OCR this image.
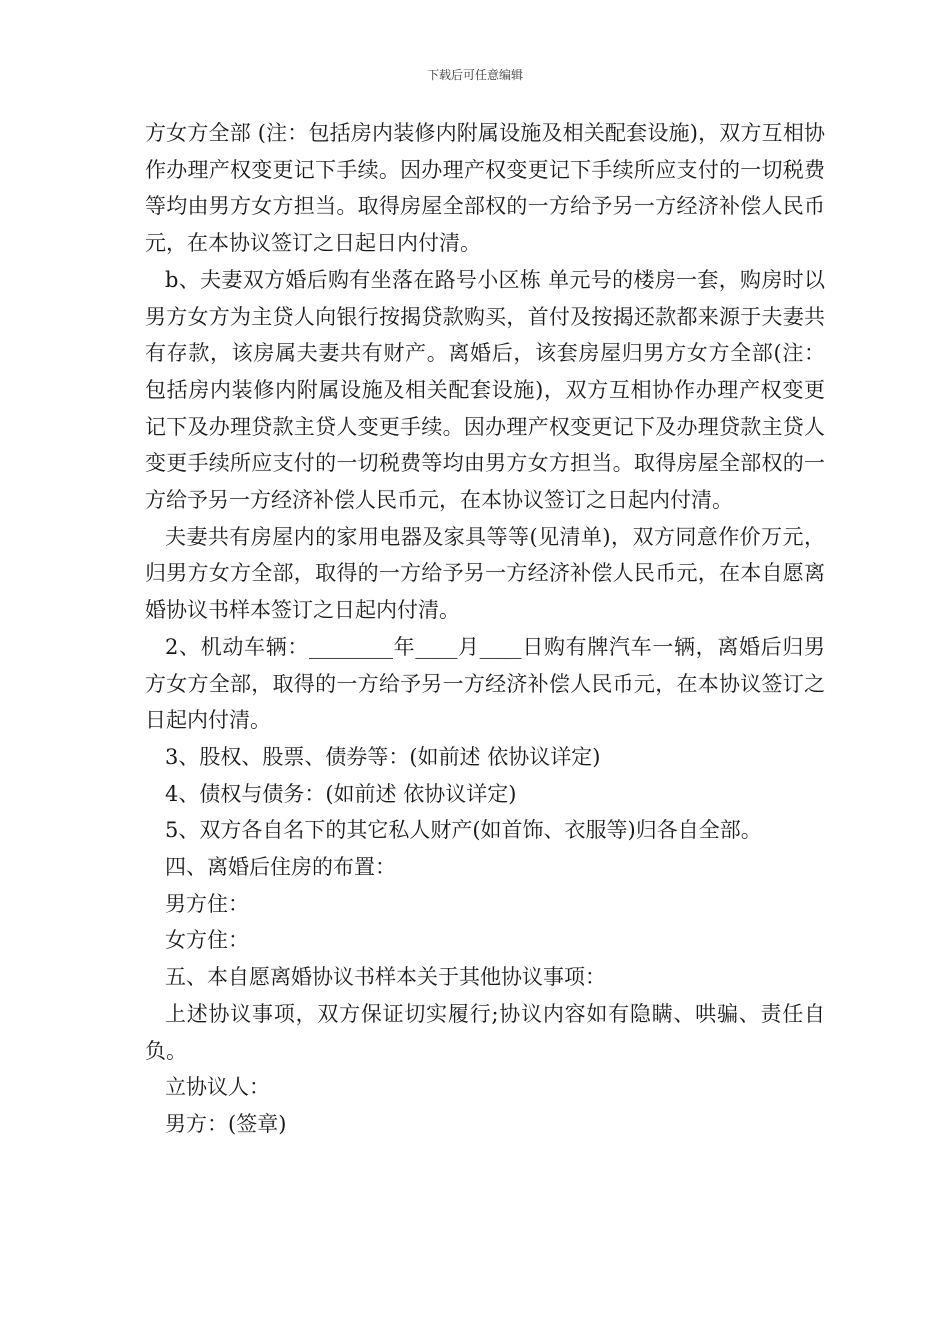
下载后可任意编辑

方女方全部 (注：包括房内装修内附属设施及相关配套设施)，双方互相协作办理产权变更记下手续。因办理产权变更记下手续所应支付的一切税费等均由男方女方担当。取得房屋全部权的一方给予另一方经济补偿人民币元，在本协议签订之日起日内付清。

b、夫妻双方婚后购有坐落在路号小区栋 单元号的楼房一套，购房时以男方女方为主贷人向银行按揭贷款购买，首付及按揭还款都来源于夫妻共有存款，该房属夫妻共有财产。离婚后，该套房屋归男方女方全部(注：包括房内装修内附属设施及相关配套设施)，双方互相协作办理产权变更记下及办理贷款主贷人变更手续。因办理产权变更记下及办理贷款主贷人变更手续所应支付的一切税费等均由男方女方担当。取得房屋全部权的一方给予另一方经济补偿人民币元，在本协议签订之日起内付清。

夫妻共有房屋内的家用电器及家具等等(见清单)，双方同意作价万元，归男方女方全部，取得的一方给予另一方经济补偿人民币元，在本自愿离婚协议书样本签订之日起内付清。

2、机动车辆：________年____月____日购有牌汽车一辆，离婚后归男方女方全部，取得的一方给予另一方经济补偿人民币元，在本协议签订之日起内付清。

3、股权、股票、债券等：(如前述 依协议详定)

4、债权与债务：(如前述 依协议详定)

5、双方各自名下的其它私人财产(如首饰、衣服等)归各自全部。

四、离婚后住房的布置：

男方住：

女方住：

五、本自愿离婚协议书样本关于其他协议事项：

上述协议事项，双方保证切实履行;协议内容如有隐瞒、哄骗、责任自负。

立协议人：

男方：(签章)
